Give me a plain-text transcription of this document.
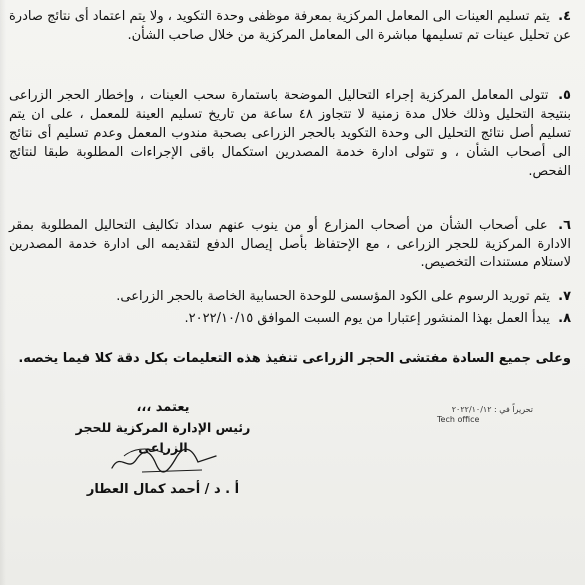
٤. يتم تسليم العينات الى المعامل المركزية بمعرفة موظفى وحدة التكويد ، ولا يتم اعتماد أى نتائج صادرة عن تحليل عينات تم تسليمها مباشرة الى المعامل المركزية من خلال صاحب الشأن.

٥. تتولى المعامل المركزية إجراء التحاليل الموضحة باستمارة سحب العينات ، وإخطار الحجر الزراعى بنتيجة التحليل وذلك خلال مدة زمنية لا تتجاوز ٤٨ ساعة من تاريخ تسليم العينة للمعمل ، على ان يتم تسليم أصل نتائج التحليل الى وحدة التكويد بالحجر الزراعى بصحبة مندوب المعمل وعدم تسليم أى نتائج الى أصحاب الشأن ، و تتولى ادارة خدمة المصدرين استكمال باقى الإجراءات المطلوبة طبقا لنتائج الفحص.

٦. على أصحاب الشأن من أصحاب المزارع أو من ينوب عنهم سداد تكاليف التحاليل المطلوبة بمقر الادارة المركزية للحجر الزراعى ، مع الإحتفاظ بأصل إيصال الدفع لتقديمه الى ادارة خدمة المصدرين لاستلام مستندات التخصيص.

٧. يتم توريد الرسوم على الكود المؤسسى للوحدة الحسابية الخاصة بالحجر الزراعى.

٨. يبدأ العمل بهذا المنشور إعتبارا من يوم السبت الموافق ٢٠٢٢/١٠/١٥.

وعلى جميع السادة مفتشى الحجر الزراعى تنفيذ هذه التعليمات بكل دقة كلا فيما يخصه.

يعتمد ،،،
رئيس الإدارة المركزية للحجر الزراعى
أ . د / أحمد كمال العطار
تحريراً في : ٢٠٢٢/١٠/١٢
Tech office
